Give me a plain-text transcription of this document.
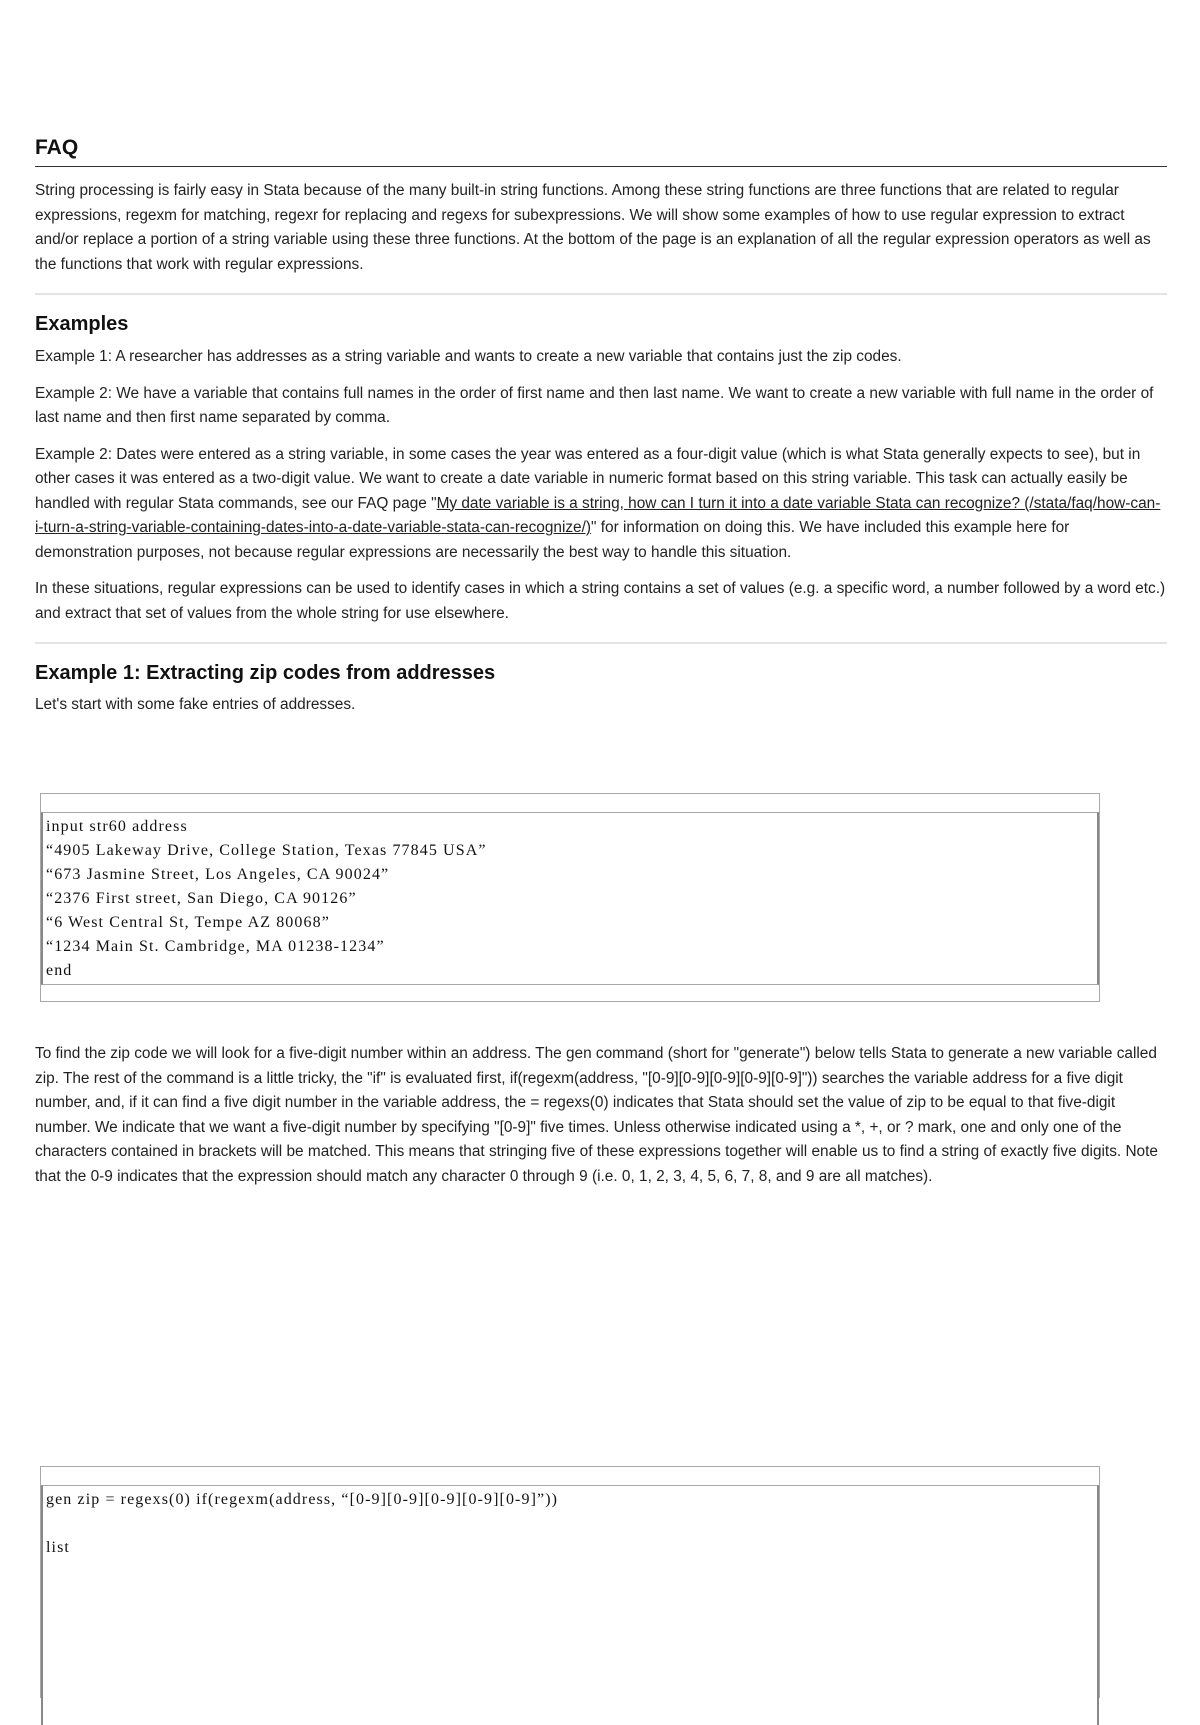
FAQ

String processing is fairly easy in Stata because of the many built-in string functions. Among these string functions are three functions that are related to regular expressions, regexm for matching, regexr for replacing and regexs for subexpressions. We will show some examples of how to use regular expression to extract and/or replace a portion of a string variable using these three functions. At the bottom of the page is an explanation of all the regular expression operators as well as the functions that work with regular expressions.

Examples

Example 1: A researcher has addresses as a string variable and wants to create a new variable that contains just the zip codes.

Example 2: We have a variable that contains full names in the order of first name and then last name. We want to create a new variable with full name in the order of last name and then first name separated by comma.

Example 2: Dates were entered as a string variable, in some cases the year was entered as a four-digit value (which is what Stata generally expects to see), but in other cases it was entered as a two-digit value. We want to create a date variable in numeric format based on this string variable. This task can actually easily be handled with regular Stata commands, see our FAQ page "My date variable is a string, how can I turn it into a date variable Stata can recognize? (/stata/faq/how-can-i-turn-a-string-variable-containing-dates-into-a-date-variable-stata-can-recognize/)" for information on doing this. We have included this example here for demonstration purposes, not because regular expressions are necessarily the best way to handle this situation.

In these situations, regular expressions can be used to identify cases in which a string contains a set of values (e.g. a specific word, a number followed by a word etc.) and extract that set of values from the whole string for use elsewhere.

Example 1: Extracting zip codes from addresses

Let's start with some fake entries of addresses.

input str60 address
“4905 Lakeway Drive, College Station, Texas 77845 USA”
“673 Jasmine Street, Los Angeles, CA 90024”
“2376 First street, San Diego, CA 90126”
“6 West Central St, Tempe AZ 80068”
“1234 Main St. Cambridge, MA 01238-1234”
end

To find the zip code we will look for a five-digit number within an address. The gen command (short for "generate") below tells Stata to generate a new variable called zip. The rest of the command is a little tricky, the "if" is evaluated first, if(regexm(address, "[0-9][0-9][0-9][0-9][0-9]")) searches the variable address for a five digit number, and, if it can find a five digit number in the variable address, the = regexs(0) indicates that Stata should set the value of zip to be equal to that five-digit number. We indicate that we want a five-digit number by specifying "[0-9]" five times. Unless otherwise indicated using a *, +, or ? mark, one and only one of the characters contained in brackets will be matched. This means that stringing five of these expressions together will enable us to find a string of exactly five digits. Note that the 0-9 indicates that the expression should match any character 0 through 9 (i.e. 0, 1, 2, 3, 4, 5, 6, 7, 8, and 9 are all matches).

gen zip = regexs(0) if(regexm(address, “[0-9][0-9][0-9][0-9][0-9]”))

list
